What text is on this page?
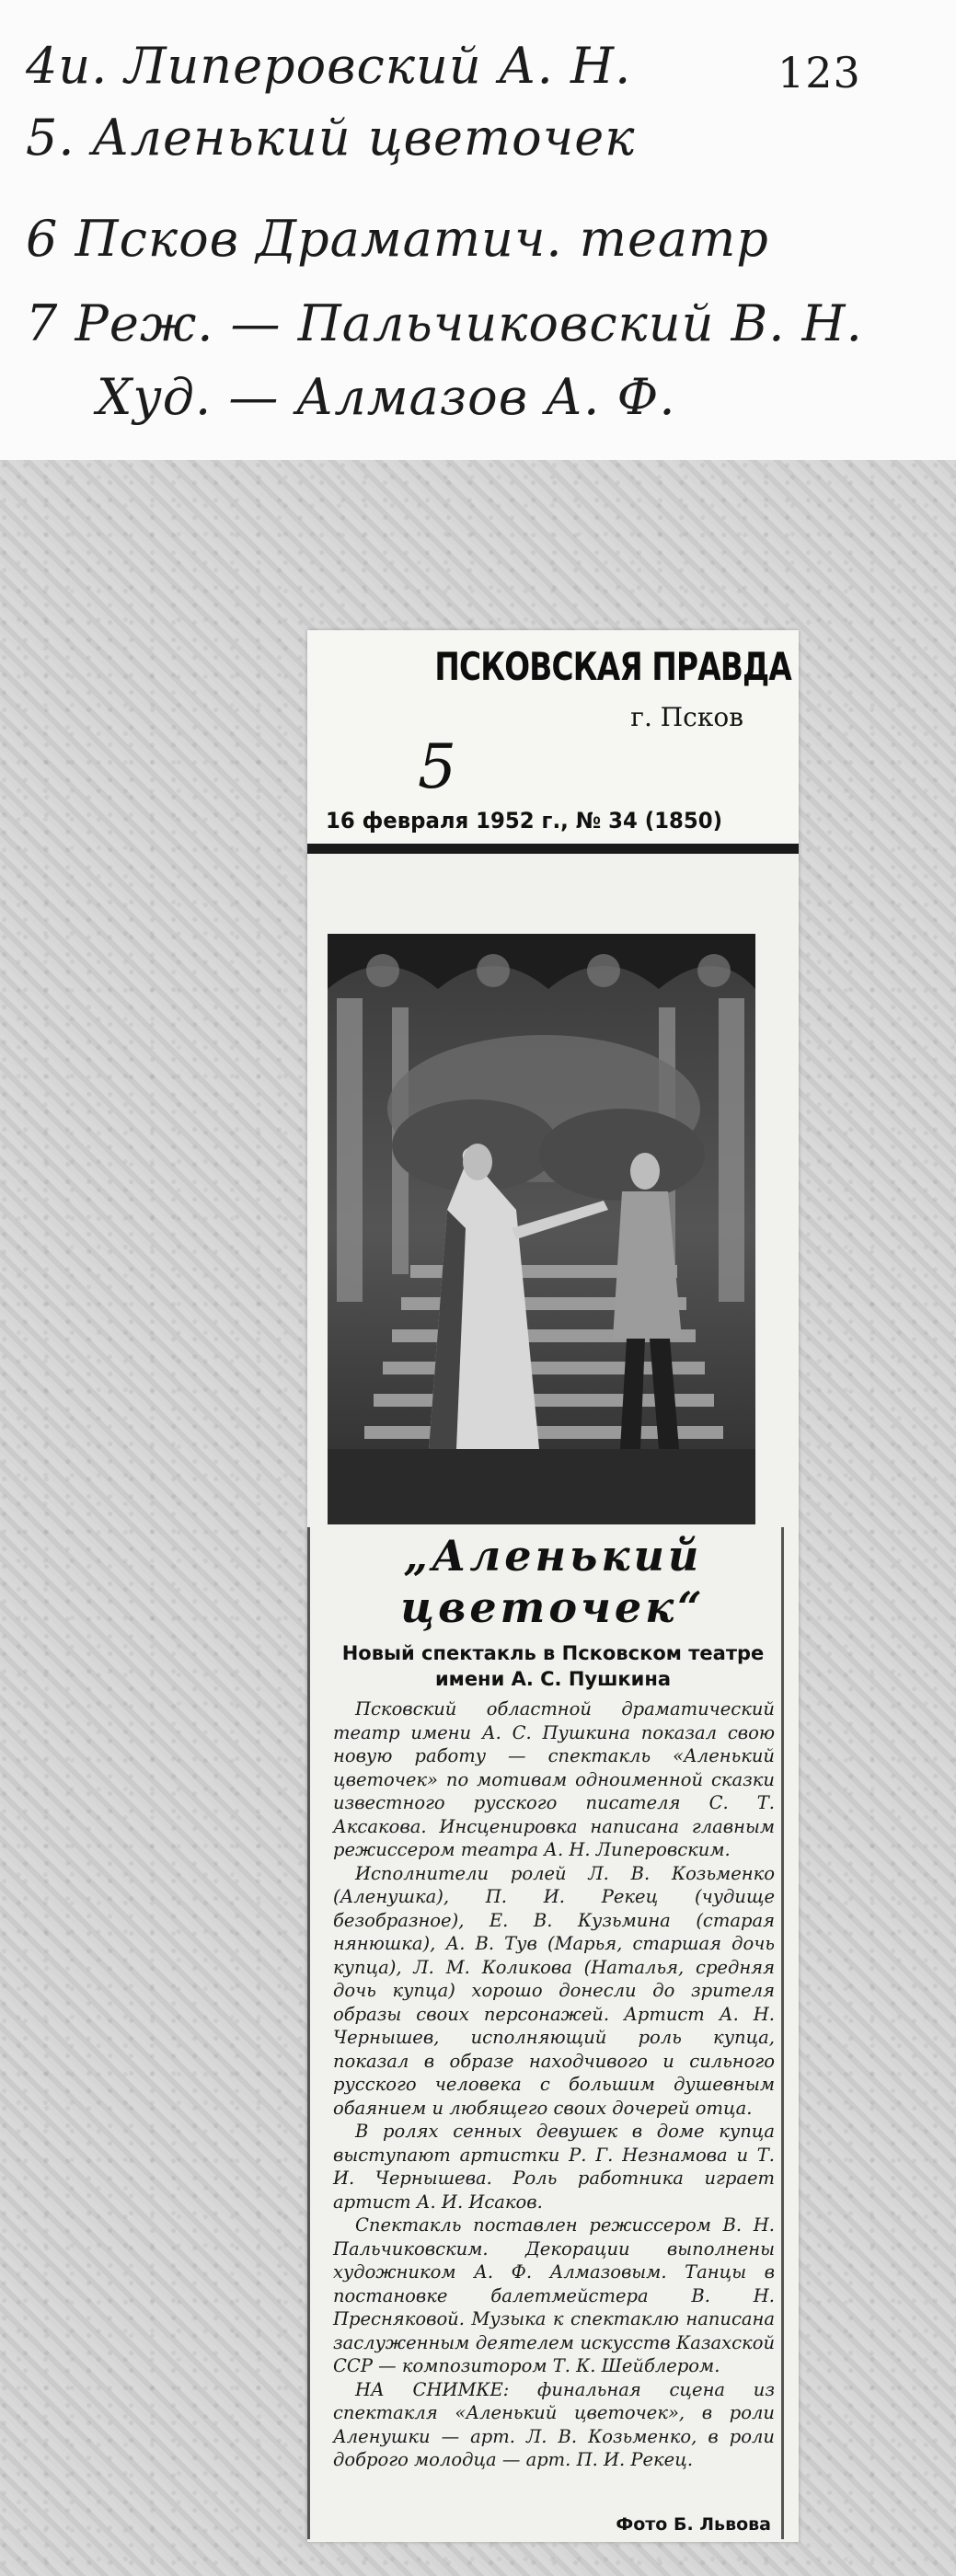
4и. Липеровский А. Н.	123
5. Аленький цветочек
6 Псков Драматич. театр
7 Реж. — Пальчиковский В. Н.
Худ. — Алмазов А. Ф.
ПСКОВСКАЯ ПРАВДА
г. Псков
5
16 февраля 1952 г., № 34 (1850)
„Аленький
цветочек“
Новый спектакль в Псковском театре
имени А. С. Пушкина

Псковский областной драматический театр имени А. С. Пушкина показал свою новую работу — спектакль «Аленький цветочек» по мотивам одноименной сказки известного русского писателя С. Т. Аксакова. Инсценировка написана главным режиссером театра А. Н. Липеровским.

Исполнители ролей Л. В. Козьменко (Аленушка), П. И. Рекец (чудище безобразное), Е. В. Кузьмина (старая нянюшка), А. В. Тув (Марья, старшая дочь купца), Л. М. Коликова (Наталья, средняя дочь купца) хорошо донесли до зрителя образы своих персонажей. Артист А. Н. Чернышев, исполняющий роль купца, показал в образе находчивого и сильного русского человека с большим душевным обаянием и любящего своих дочерей отца.

В ролях сенных девушек в доме купца выступают артистки Р. Г. Незнамова и Т. И. Чернышева. Роль работника играет артист А. И. Исаков.

Спектакль поставлен режиссером В. Н. Пальчиковским. Декорации выполнены художником А. Ф. Алмазовым. Танцы в постановке балетмейстера В. Н. Пресняковой. Музыка к спектаклю написана заслуженным деятелем искусств Казахской ССР — композитором Т. К. Шейблером.

НА СНИМКЕ: финальная сцена из спектакля «Аленький цветочек», в роли Аленушки — арт. Л. В. Козьменко, в роли доброго молодца — арт. П. И. Рекец.

Фото Б. Львова
